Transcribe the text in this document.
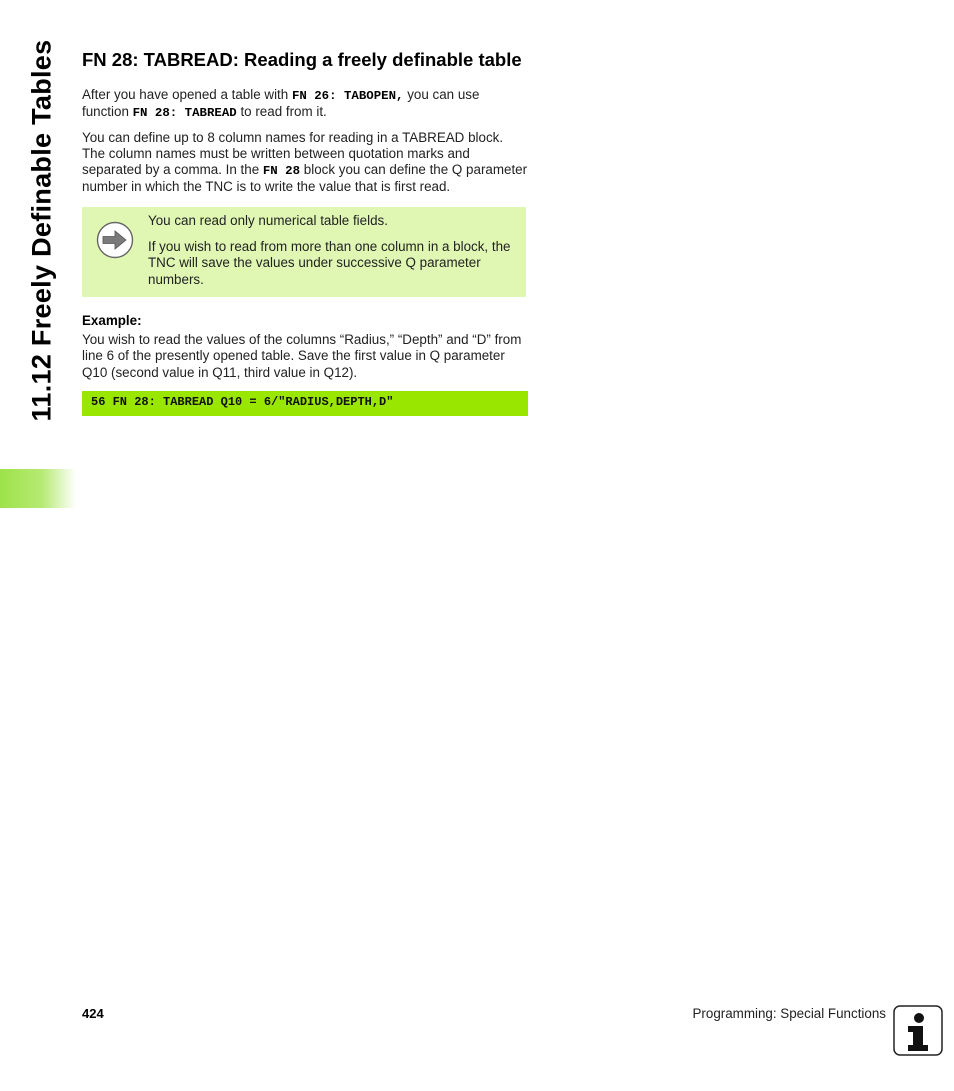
11.12 Freely Definable Tables FN 28: TABREAD: Reading a freely definable table

After you have opened a table with FN 26: TABOPEN, you can use function FN 28: TABREAD to read from it.

You can define up to 8 column names for reading in a TABREAD block. The column names must be written between quotation marks and separated by a comma. In the FN 28 block you can define the Q parameter number in which the TNC is to write the value that is first read.

You can read only numerical table fields.

If you wish to read from more than one column in a block, the TNC will save the values under successive Q parameter numbers.

Example:

You wish to read the values of the columns “Radius,” “Depth” and “D” from line 6 of the presently opened table. Save the first value in Q parameter Q10 (second value in Q11, third value in Q12).

56 FN 28: TABREAD Q10 = 6/"RADIUS,DEPTH,D"
424	Programming: Special Functions
